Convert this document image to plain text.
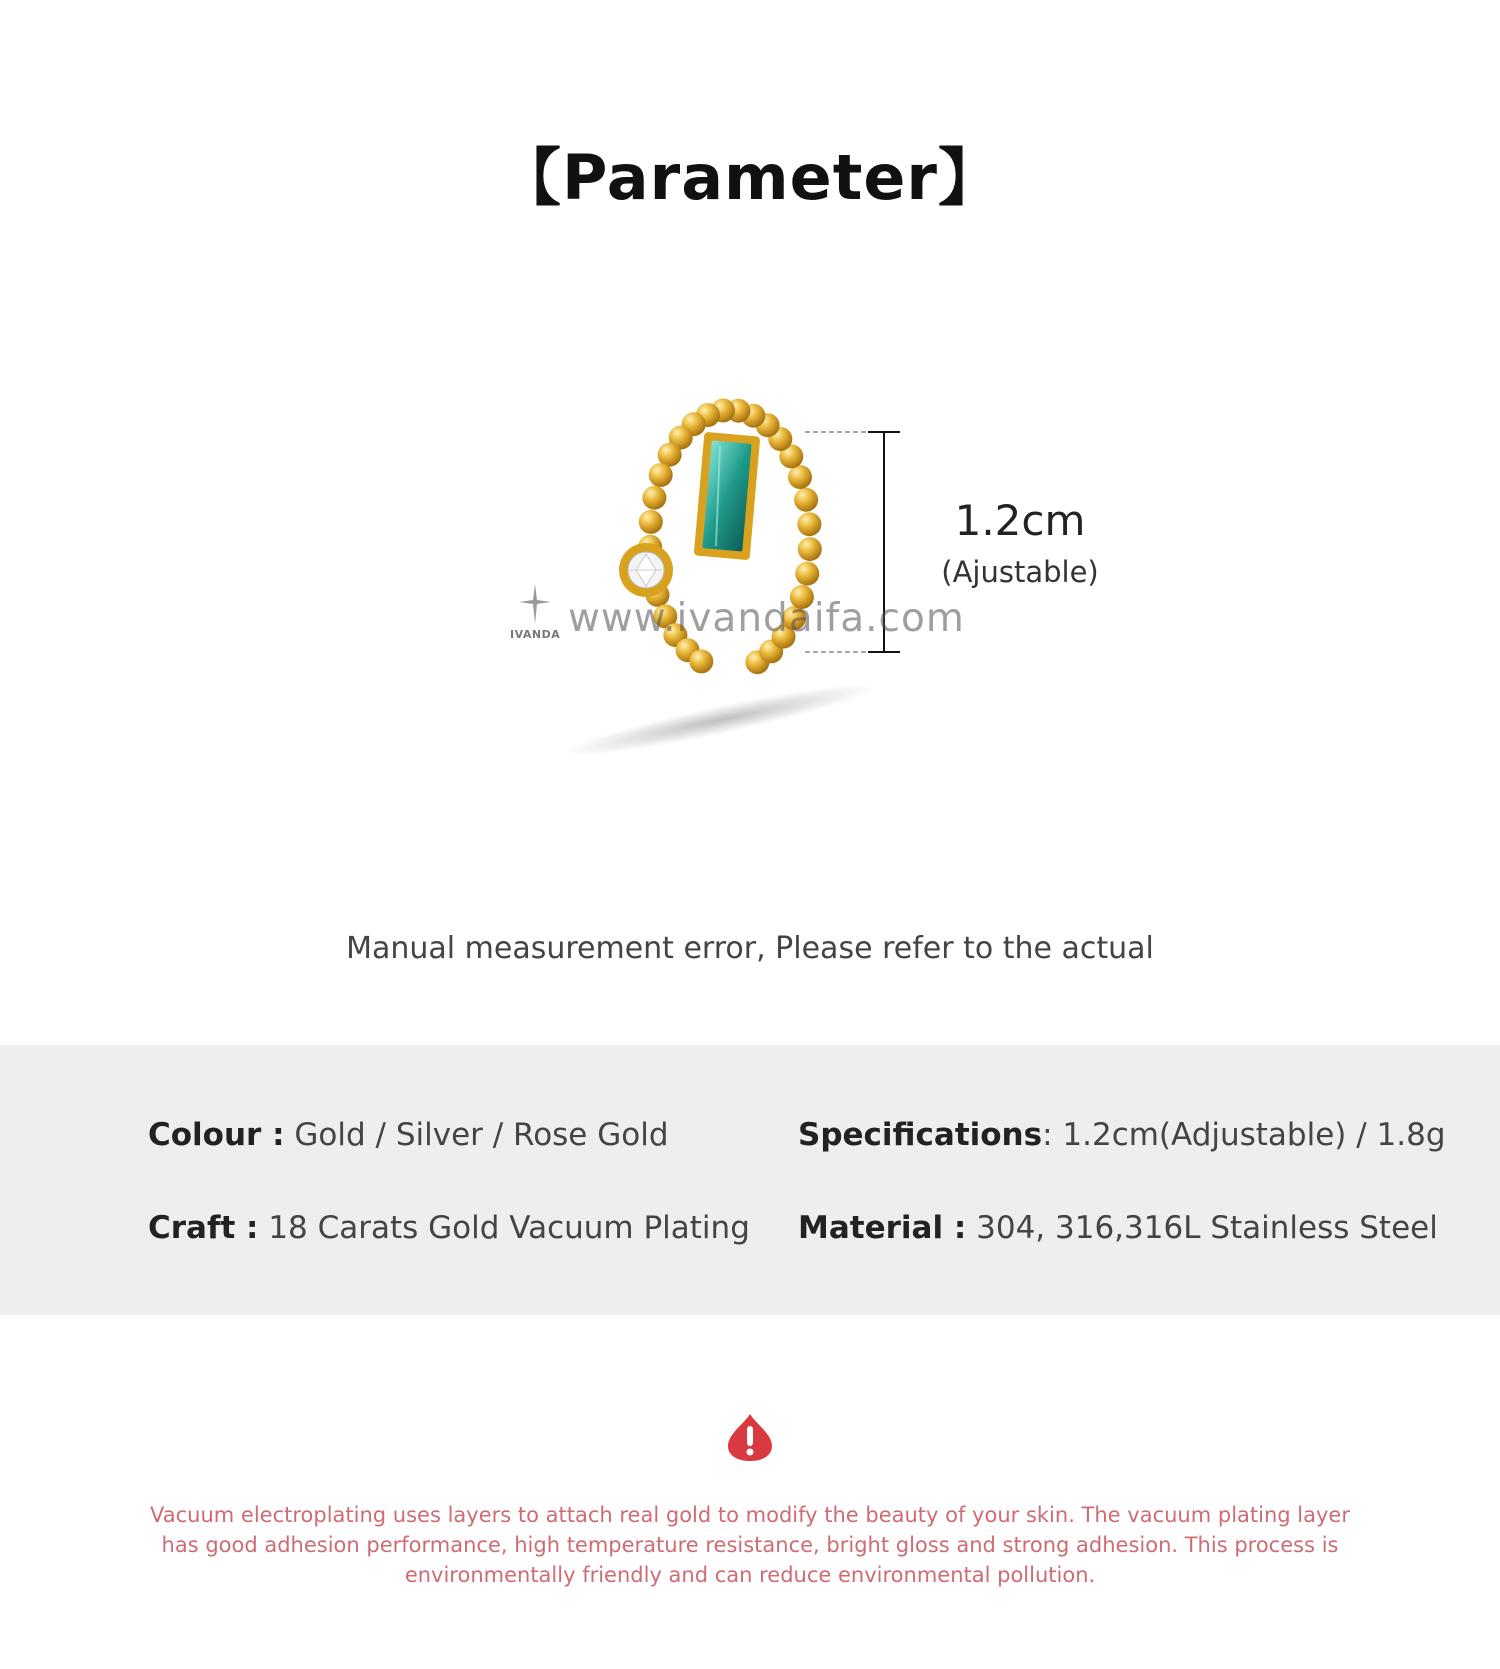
【Parameter】
IVANDA www.ivandaifa.com
1.2cm
(Ajustable)
Manual measurement error, Please refer to the actual
Colour : Gold / Silver / Rose Gold	Specifications: 1.2cm(Adjustable) / 1.8g
Craft : 18 Carats Gold Vacuum Plating Material : 304, 316,316L Stainless Steel
Vacuum electroplating uses layers to attach real gold to modify the beauty of your skin. The vacuum plating layer has good adhesion performance, high temperature resistance, bright gloss and strong adhesion. This process is environmentally friendly and can reduce environmental pollution.
